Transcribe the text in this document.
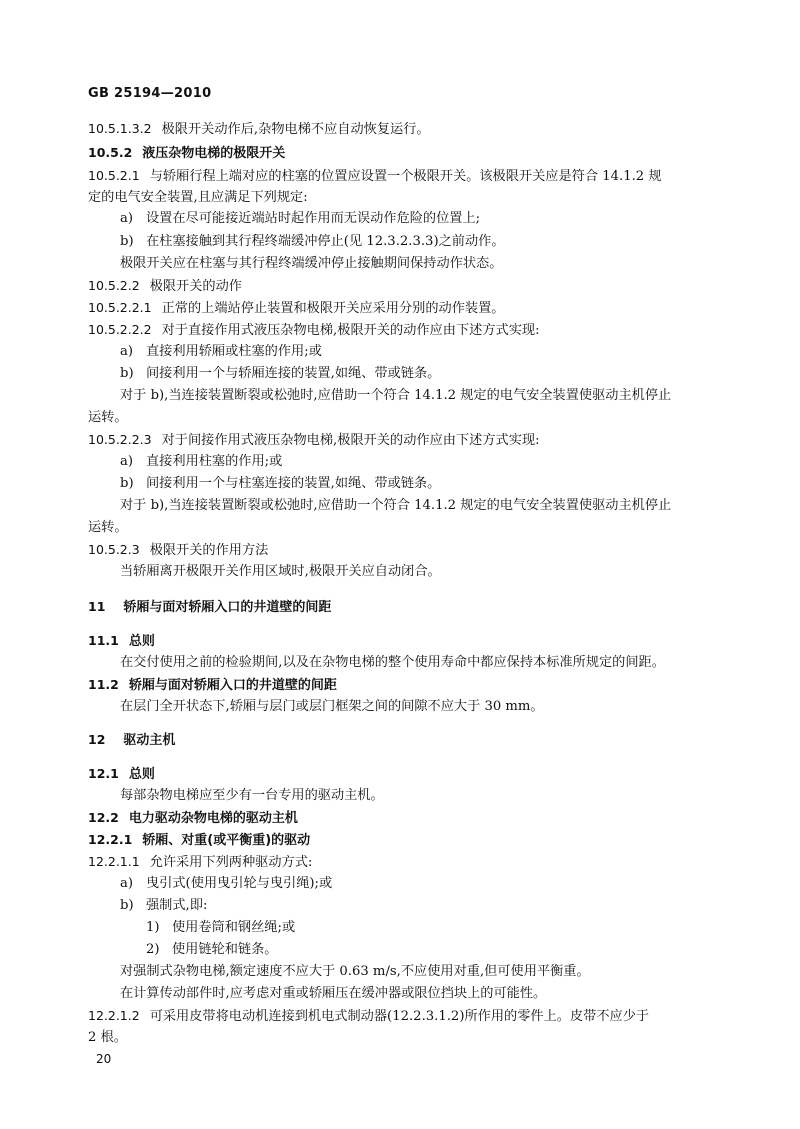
GB 25194—2010
10.5.1.3.2 极限开关动作后,杂物电梯不应自动恢复运行。
10.5.2 液压杂物电梯的极限开关
10.5.2.1 与轿厢行程上端对应的柱塞的位置应设置一个极限开关。该极限开关应是符合 14.1.2 规
定的电气安全装置,且应满足下列规定:
a) 设置在尽可能接近端站时起作用而无误动作危险的位置上;
b) 在柱塞接触到其行程终端缓冲停止(见 12.3.2.3.3)之前动作。
极限开关应在柱塞与其行程终端缓冲停止接触期间保持动作状态。
10.5.2.2 极限开关的动作
10.5.2.2.1 正常的上端站停止装置和极限开关应采用分别的动作装置。
10.5.2.2.2 对于直接作用式液压杂物电梯,极限开关的动作应由下述方式实现:
a) 直接利用轿厢或柱塞的作用;或
b) 间接利用一个与轿厢连接的装置,如绳、带或链条。
对于 b),当连接装置断裂或松弛时,应借助一个符合 14.1.2 规定的电气安全装置使驱动主机停止
运转。
10.5.2.2.3 对于间接作用式液压杂物电梯,极限开关的动作应由下述方式实现:
a) 直接利用柱塞的作用;或
b) 间接利用一个与柱塞连接的装置,如绳、带或链条。
对于 b),当连接装置断裂或松弛时,应借助一个符合 14.1.2 规定的电气安全装置使驱动主机停止
运转。
10.5.2.3 极限开关的作用方法
当轿厢离开极限开关作用区域时,极限开关应自动闭合。
11 轿厢与面对轿厢入口的井道壁的间距
11.1 总则
在交付使用之前的检验期间,以及在杂物电梯的整个使用寿命中都应保持本标准所规定的间距。
11.2 轿厢与面对轿厢入口的井道壁的间距
在层门全开状态下,轿厢与层门或层门框架之间的间隙不应大于 30 mm。
12 驱动主机
12.1 总则
每部杂物电梯应至少有一台专用的驱动主机。
12.2 电力驱动杂物电梯的驱动主机
12.2.1 轿厢、对重(或平衡重)的驱动
12.2.1.1 允许采用下列两种驱动方式:
a) 曳引式(使用曳引轮与曳引绳);或
b) 强制式,即:
1) 使用卷筒和钢丝绳;或
2) 使用链轮和链条。
对强制式杂物电梯,额定速度不应大于 0.63 m/s,不应使用对重,但可使用平衡重。
在计算传动部件时,应考虑对重或轿厢压在缓冲器或限位挡块上的可能性。
12.2.1.2 可采用皮带将电动机连接到机电式制动器(12.2.3.1.2)所作用的零件上。皮带不应少于
2 根。
20
